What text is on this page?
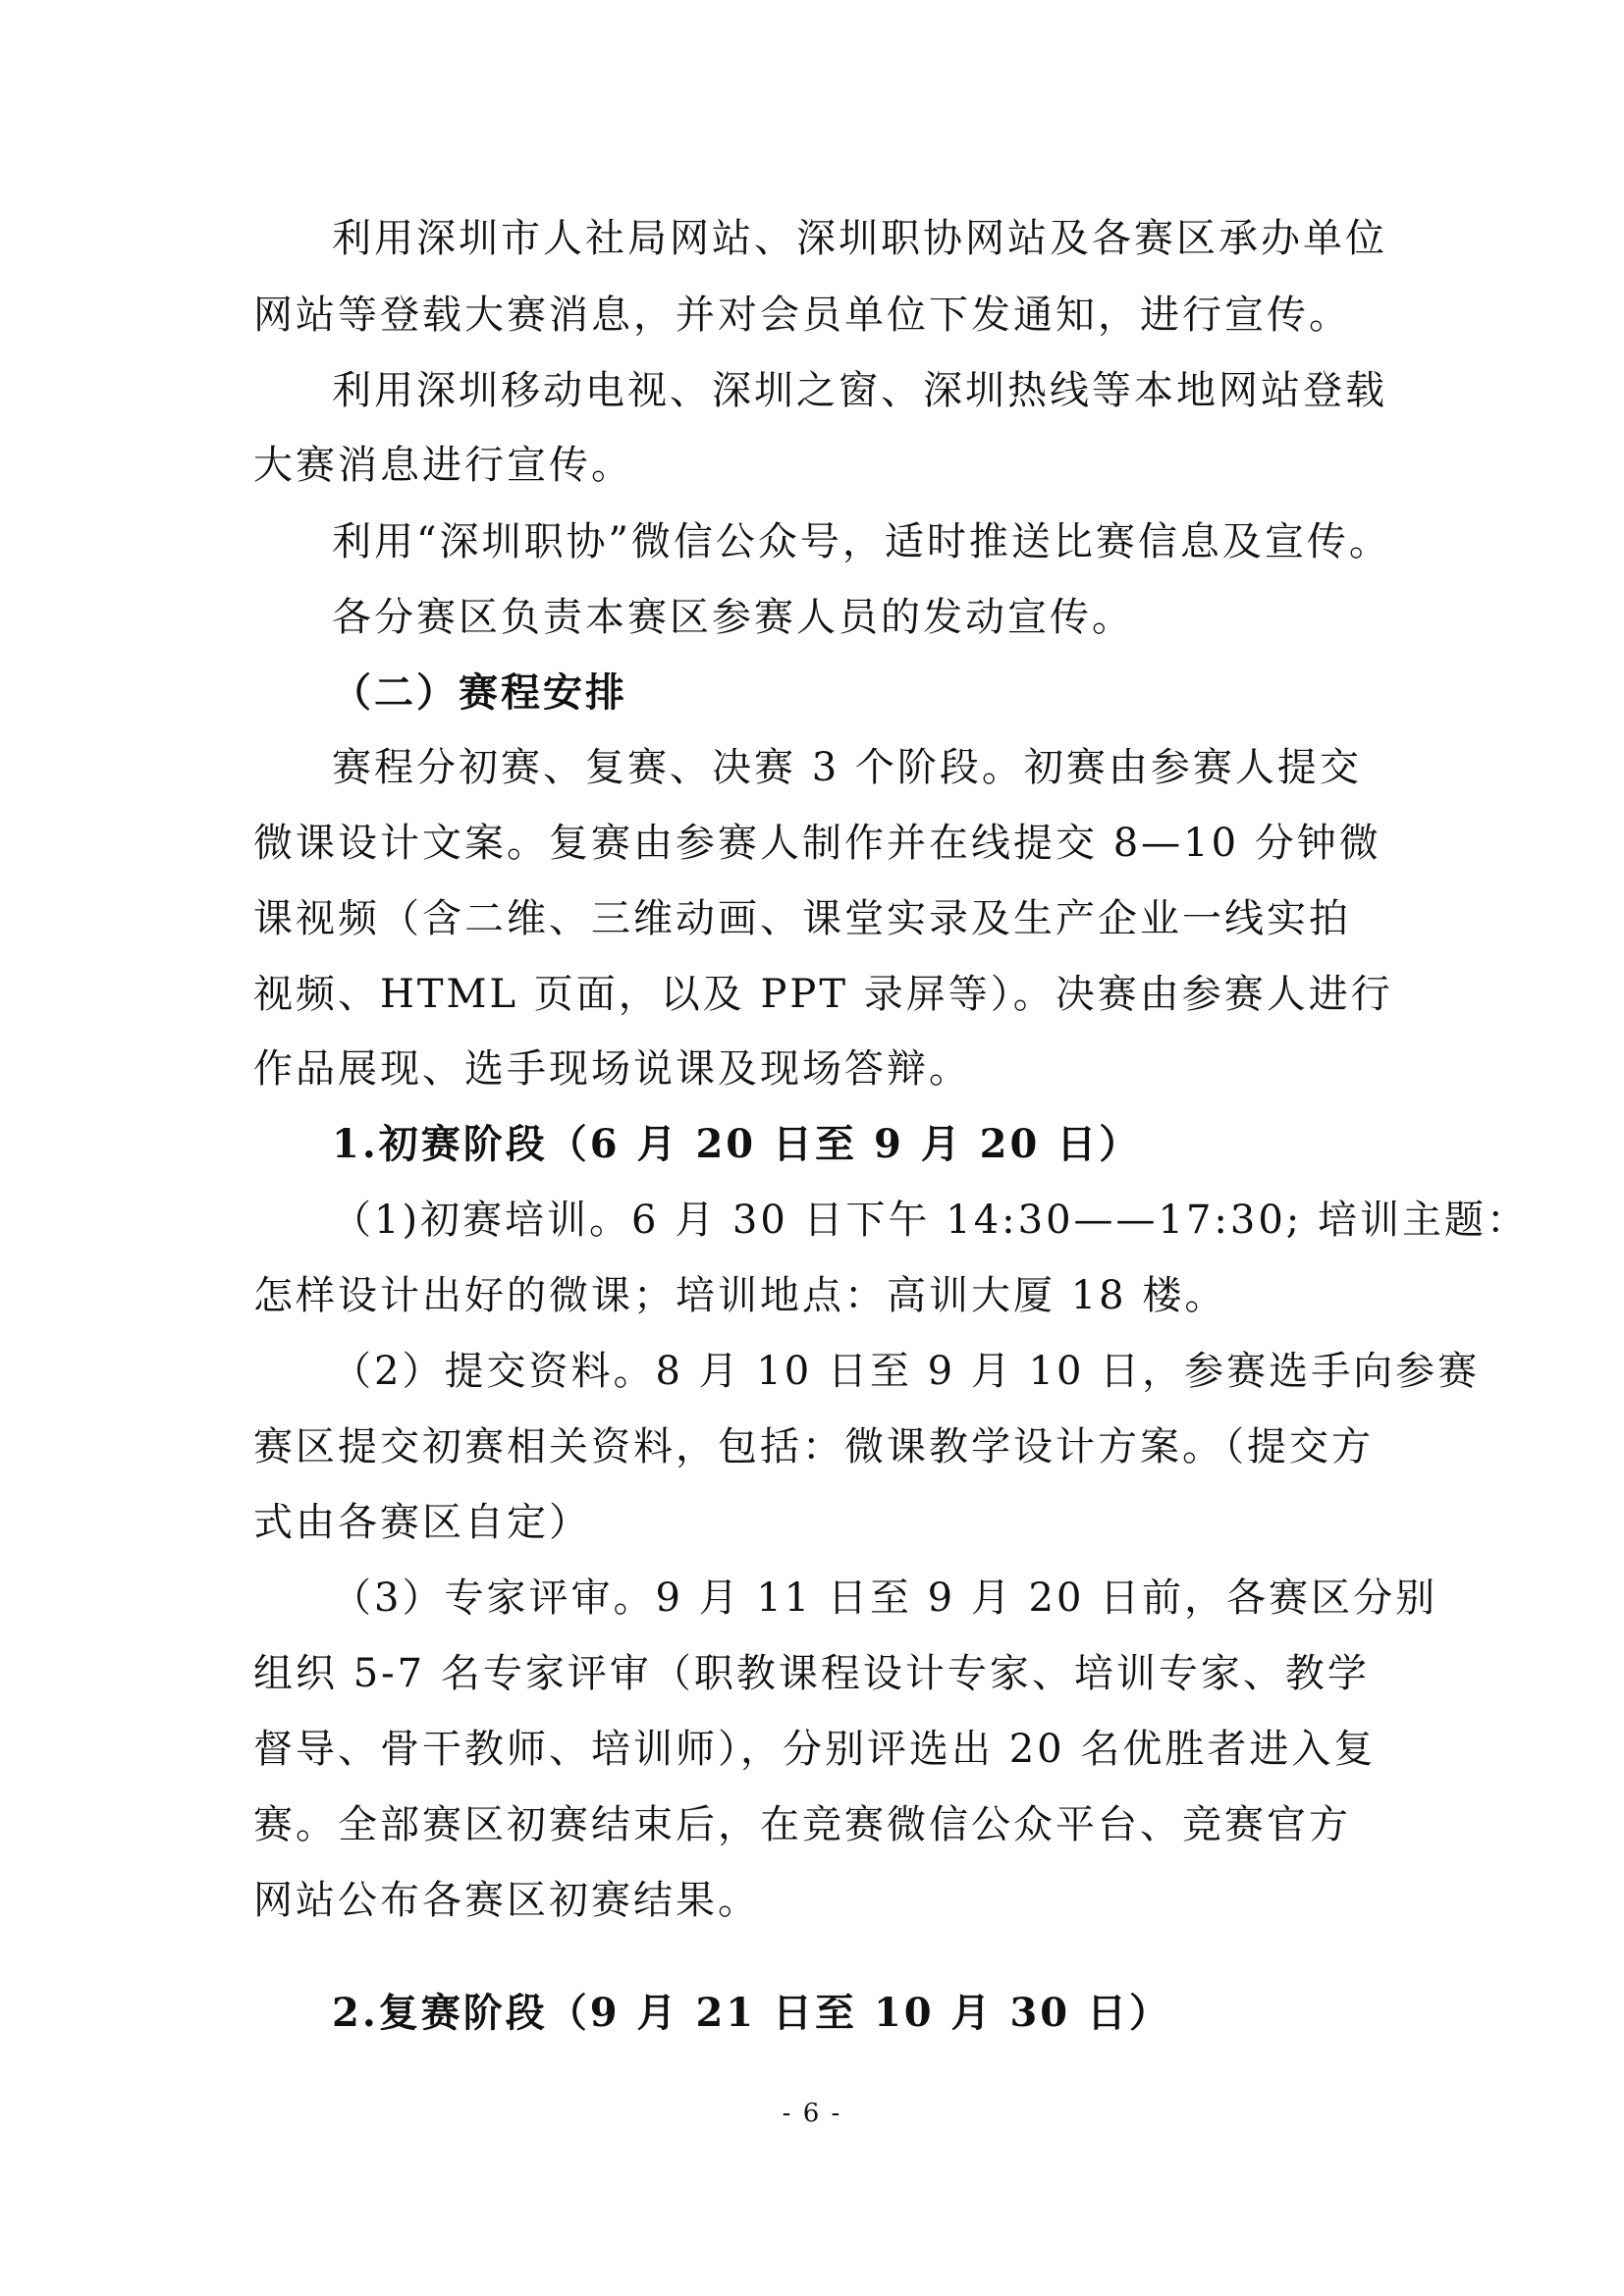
利用深圳市人社局网站、深圳职协网站及各赛区承办单位
网站等登载大赛消息，并对会员单位下发通知，进行宣传。
利用深圳移动电视、深圳之窗、深圳热线等本地网站登载
大赛消息进行宣传。
利用“深圳职协”微信公众号，适时推送比赛信息及宣传。
各分赛区负责本赛区参赛人员的发动宣传。
（二）赛程安排
赛程分初赛、复赛、决赛 3 个阶段。初赛由参赛人提交
微课设计文案。复赛由参赛人制作并在线提交 8—10 分钟微
课视频（含二维、三维动画、课堂实录及生产企业一线实拍
视频、HTML 页面，以及 PPT 录屏等）。决赛由参赛人进行
作品展现、选手现场说课及现场答辩。
1.初赛阶段（6 月 20 日至 9 月 20 日）
（1)初赛培训。6 月 30 日下午 14:30——17:30; 培训主题：
怎样设计出好的微课；培训地点：高训大厦 18 楼。
（2）提交资料。8 月 10 日至 9 月 10 日，参赛选手向参赛
赛区提交初赛相关资料，包括：微课教学设计方案。（提交方
式由各赛区自定）
（3）专家评审。9 月 11 日至 9 月 20 日前，各赛区分别
组织 5-7 名专家评审（职教课程设计专家、培训专家、教学
督导、骨干教师、培训师），分别评选出 20 名优胜者进入复
赛。全部赛区初赛结束后，在竞赛微信公众平台、竞赛官方
网站公布各赛区初赛结果。
2.复赛阶段（9 月 21 日至 10 月 30 日）
- 6 -
